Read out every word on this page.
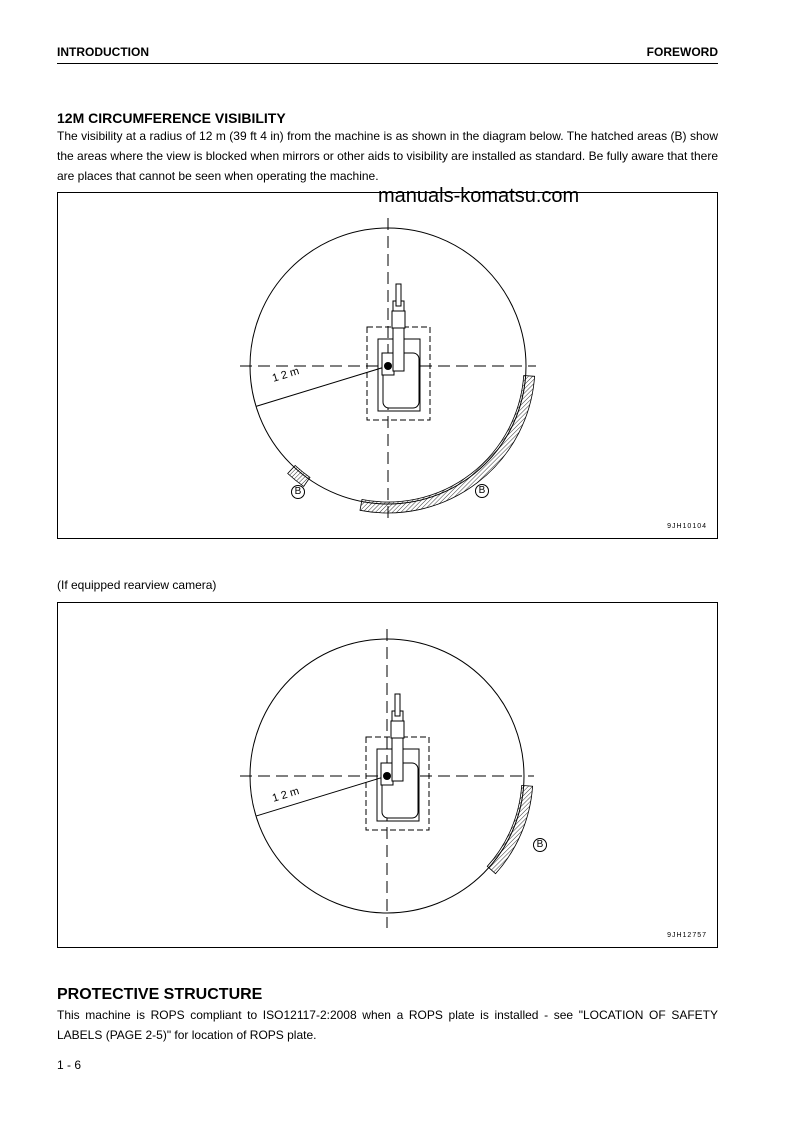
INTRODUCTION	FOREWORD
12M CIRCUMFERENCE VISIBILITY
The visibility at a radius of 12 m (39 ft 4 in) from the machine is as shown in the diagram below. The hatched areas (B) show the areas where the view is blocked when mirrors or other aids to visibility are installed as standard. Be fully aware that there are places that cannot be seen when operating the machine.
manuals-komatsu.com
1 2 m
B	B
9JH10104
(If equipped rearview camera)
1 2 m
B
9JH12757
PROTECTIVE STRUCTURE
This machine is ROPS compliant to ISO12117-2:2008 when a ROPS plate is installed - see "LOCATION OF SAFETY LABELS (PAGE 2-5)" for location of ROPS plate.
1 - 6
